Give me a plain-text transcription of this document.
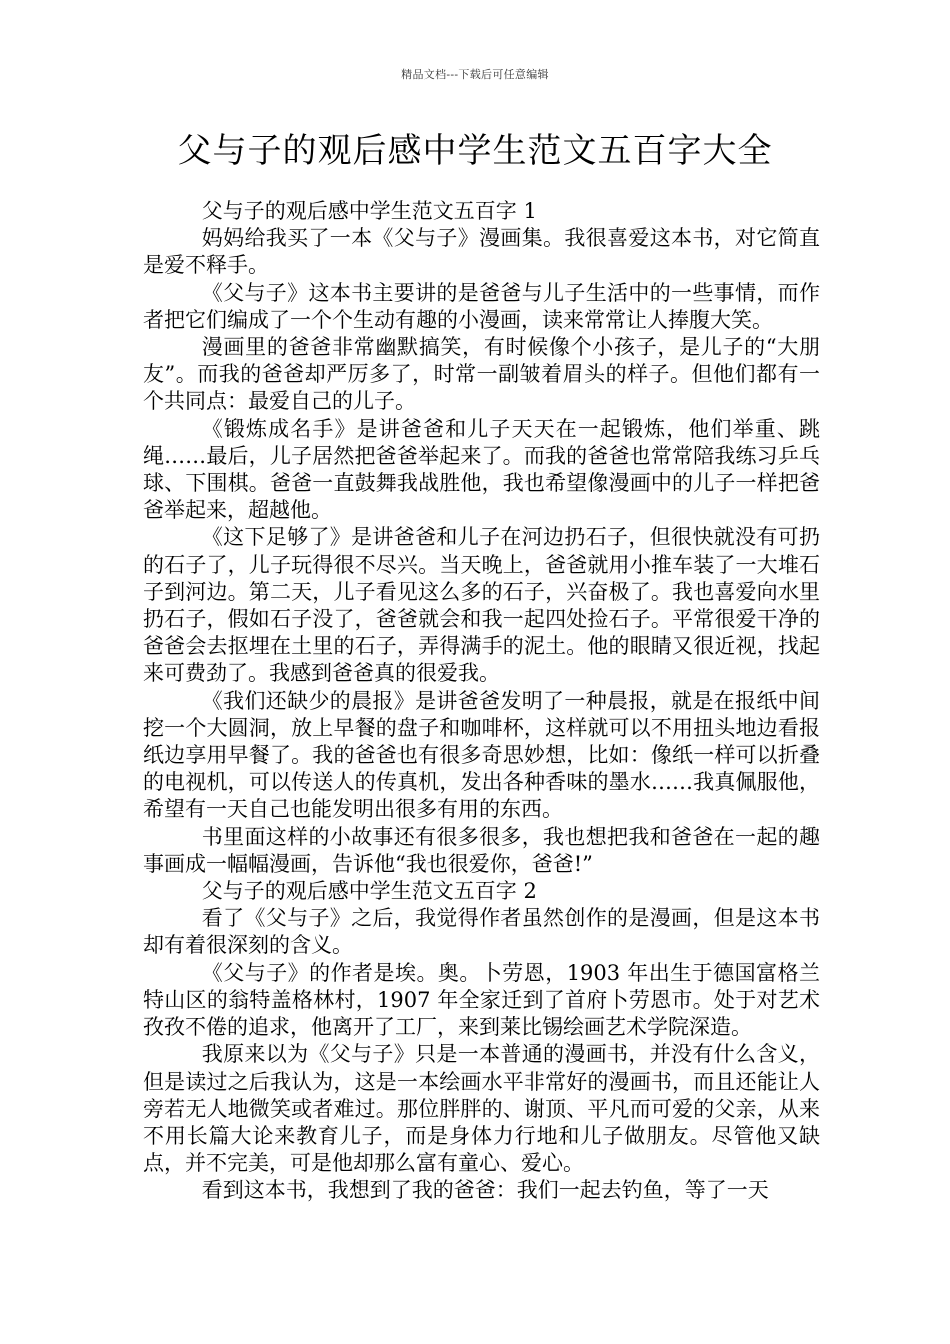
精品文档---下载后可任意编辑
父与子的观后感中学生范文五百字大全

父与子的观后感中学生范文五百字 1

妈妈给我买了一本《父与子》漫画集。我很喜爱这本书，对它简直是爱不释手。

《父与子》这本书主要讲的是爸爸与儿子生活中的一些事情，而作者把它们编成了一个个生动有趣的小漫画，读来常常让人捧腹大笑。

漫画里的爸爸非常幽默搞笑，有时候像个小孩子，是儿子的“大朋友”。而我的爸爸却严厉多了，时常一副皱着眉头的样子。但他们都有一个共同点：最爱自己的儿子。

《锻炼成名手》是讲爸爸和儿子天天在一起锻炼，他们举重、跳绳……最后，儿子居然把爸爸举起来了。而我的爸爸也常常陪我练习乒乓球、下围棋。爸爸一直鼓舞我战胜他，我也希望像漫画中的儿子一样把爸爸举起来，超越他。

《这下足够了》是讲爸爸和儿子在河边扔石子，但很快就没有可扔的石子了，儿子玩得很不尽兴。当天晚上，爸爸就用小推车装了一大堆石子到河边。第二天，儿子看见这么多的石子，兴奋极了。我也喜爱向水里扔石子，假如石子没了，爸爸就会和我一起四处捡石子。平常很爱干净的爸爸会去抠埋在土里的石子，弄得满手的泥土。他的眼睛又很近视，找起来可费劲了。我感到爸爸真的很爱我。

《我们还缺少的晨报》是讲爸爸发明了一种晨报，就是在报纸中间挖一个大圆洞，放上早餐的盘子和咖啡杯，这样就可以不用扭头地边看报纸边享用早餐了。我的爸爸也有很多奇思妙想，比如：像纸一样可以折叠的电视机，可以传送人的传真机，发出各种香味的墨水……我真佩服他，希望有一天自己也能发明出很多有用的东西。

书里面这样的小故事还有很多很多，我也想把我和爸爸在一起的趣事画成一幅幅漫画，告诉他“我也很爱你，爸爸!”

父与子的观后感中学生范文五百字 2

看了《父与子》之后，我觉得作者虽然创作的是漫画，但是这本书却有着很深刻的含义。

《父与子》的作者是埃。奥。卜劳恩，1903 年出生于德国富格兰特山区的翁特盖格林村，1907 年全家迁到了首府卜劳恩市。处于对艺术孜孜不倦的追求，他离开了工厂，来到莱比锡绘画艺术学院深造。

我原来以为《父与子》只是一本普通的漫画书，并没有什么含义，但是读过之后我认为，这是一本绘画水平非常好的漫画书，而且还能让人旁若无人地微笑或者难过。那位胖胖的、谢顶、平凡而可爱的父亲，从来不用长篇大论来教育儿子，而是身体力行地和儿子做朋友。尽管他又缺点，并不完美，可是他却那么富有童心、爱心。

看到这本书，我想到了我的爸爸：我们一起去钓鱼，等了一天
